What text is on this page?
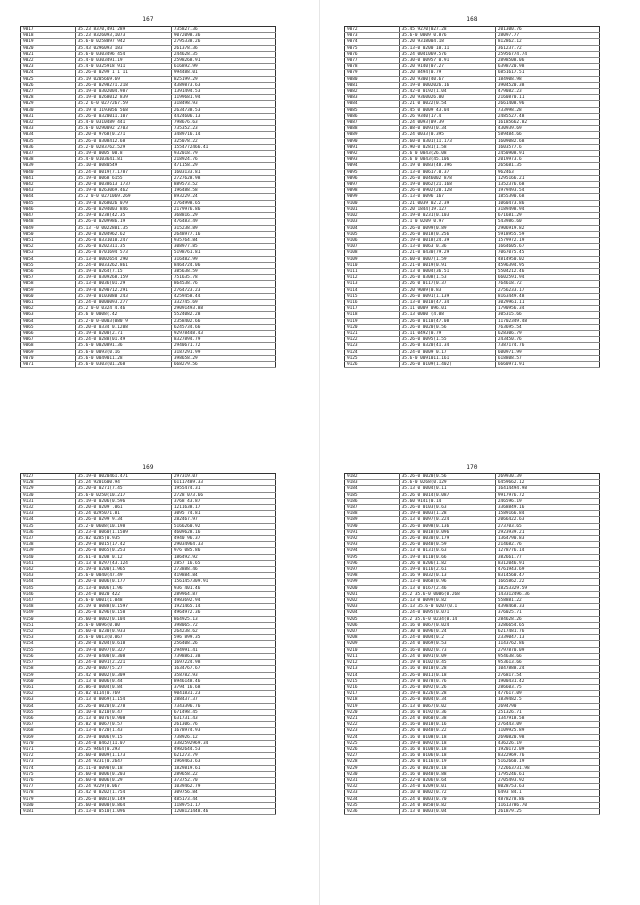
167
9017	35.23 8370,491 289	735827.36
9018	35.23 8326093,1073	9072098.36
9019	35.6-0 0258897 942	2795338.26
9020	35.43 0296093 183	261378.36
9021	35.6-0 0303496 454	244628.35
9022	35.4-0 0303491.19	2598268.91
9023	35.4-0 0325918 911	616892.99
9024	35.26-0 0299 1 1 11	994488.01
9025	35.19 0205669.69	825199.29
9026	35.26-0 0298271.218	4389873.63
9027	35.19-0 0302004.987	1391494.53
9028	35.19-0 0268012 839	1199681.94
9029	35.2 6-0 0277267.59	318498.93
9030	35.19 0 1193056 568	2634738.53
9031	35.26-0 0320011.107	4424606.13
9032	35.4-0 0310489 441	798676.63
9033	35.6-0 0290092 2703	735352.23
9034	35.20-0 9768(0.271	3489716.14
9035	35.26-0 0308412.68	325078.22
9036	35.2-0 0283762.529	1554772466.41
9037	35.19-0 0005 00.8	932018.79
9038	35.4-0 0103641.81	218924.76
9039	35.10-0 0080549	471158.29
9040	35.24-0 0019(7.1787	1603133.81
9041	35.19-0 0068 6155	2727628.98
9042	35.20-0 0038613 1737	889573.52
9043	35.19-0 0263069.462	196488.58
9044	35.2 0-0 0271069.269	893229.24
9045	35.19-0 0268026 079	2764998.65
9046	35.26-0 0294003 846	2179976.86
9047	35.19-0 0238(42.35	368816.29
9048	35.26-0 0209986.19	476483.49
9049	35.13 -0 0022801.35	315238.89
9050	35.20-0 0204962.62	2648977.16
9051	35.26-0 0331010.247	935764.84
9052	35.26-0 0202311.35	308977.85
9053	35.26-0 0701694 573	5198761.81
9054	35.13-0 0002654 290	316482.99
9055	35.24-0 0033262.861	8464724.06
9056	35.19-0 0264(7.15	385638.59
9057	35.19-0 0309268.159	751635.78
9058	35.13-0 0036(01.29	864538.76
9059	35.19-0 0290712.291	2764723.23
9060	35.19-0 0103080 243	4259458.44
9061	35.24-0 0000093.277	332745.69
9062	35.2 0-0 0324 4.46	29091493.88
9063	35.6 0 0008(.42	5524082.28
9064	35.2-0 0-0003(080 9	2358402.66
9065	35.20-0 0334 0.1208	6245734.66
9066	35.19-0 0200(2.71	92978448.43
9067	35.24-0 0288(01.49	8327894.79
9068	35.6-0 0020891.36	2940671.72
9069	35.6-0 0093(0.16	3187291.99
9070	35.6-0 0049011.28	398658.29
9071	35.6-0 0303(01.268	668279.56
168
9072	35.45 9270(027.28	201300.76
9073	35.6-0 0009 0.876	28097.77
9074	35.20 9318004.18	812862.12
9075	35.13-0 0200 10.11	361237.72
9076	35.24 0041069.576	25956774.74
9077	35.30-0 00957 0.91	2898508.06
9078	35.20 9140(07.27	6398720.98
9079	35.20 8494(0.79	6851617.51
9080	35.20 9300(40.67	184908.98
9081	35.19-0 0002026.16	3904520.38
9082	35.42-0 0192(1.04	479082.23
9083	35.20 9360026.00	2160870.11
9084	35.21 0 0022(0.54	2661408.96
9085	35.45 0 0009 43.04	733998.28
9086	35.26 9340(17.4	2485527.48
9087	35.24 0093(09.39	16185662.82
9088	35.08-0 0093(0.34	430939.69
9089	35.24 0033(0.395	589484.66
9090	35.60-0 0301(11.173	1609082.68
9091	35.90-0 0281(1.58	1603577.6
9092	35.6 0 0043(26.08	2450908.91
9093	35.6 0 0043(45.106	2019973.6
9094	35.19 0 0083(48.396	265681.35
9095	35.13-0 00617.0.37	962463
9096	35.26-0 0046002 878	1295166.21
9097	35.19-0 0062(21.168	1352376.68
9098	35.26-0 0902(20.128	1979493.54
9099	35.13-0 0096 167	1855390.68
9100	35.21 0039 02.2.39	1060473.86
9101	35.20 1844(19.127	3189498.94
9102	35.19-0 0231(0.103	671681.29
9103	35.1 0 0209 0.97	543986.60
9104	35.26-0 0099(0.89	2906919.82
9105	35.26-0 0018(0.256	5918955.59
9106	35.19-0 0018(24.39	1579972.19
9107	35.13-0 0063 0.36	1664605.67
9108	35.21-0 0430(79.29	7067075.45
9109	35.60-0 0007(1.59	4814950.02
9110	35.21-0 0019(0.91	4596394.95
9111	35.13 0 0004(36.51	5504212.46
9112	35.26-0 0308(1.53	6602591.94
9113	35.26 0 0117(0.37	764618.72
9114	35.20 9089(0.83	2756233.17
9115	35.26-0 0091(1.139	8163449.48
9116	35.13-0 0010(47.34	3029961.11
9117	35.11 0009 096.01	1790956.34
9118	35.13 0000 (4.08	305315.66
9119	35.26-0 0110(47.08	11702349.48
9120	35.26-0 0020(0.56	763695.54
9121	35.11 0492(0.79	628306.79
9122	35.26-0 0095(1.55	243450.76
9123	35.26-0 0320(41.34	7387174.76
9124	35.24-0 0009 0.17	600971.99
9125	35.6-0 0091011.161	618808.57
9126	35.26-0 0109(1.402)	6660971.91
169
9127	35.19-0 0020461.471	297319.07
9128	35.24 9201600.94	61117489.33
9129	35.20-0 0271(7.45	1955474.31
9130	35.6-0 0250(10.217	2728 073.66
9131	35.19-0 0206(0.596	3768 43.87
9132	35.20-0 0209 .061	1211638.17
9133	35.24 0295071.81	3095 74.81
9134	35.26-0 0299 9.34	282467.97
9135	35.2-0 0608(10.198	5166260.92
9136	35.23-0 0060(1.1589	4609628.16
9137	35.02 0285(0.935	4940 96.37
9138	35.29-0 0015(17.42	29034964.33
9139	35.26-0 0065(0.253	976 085.86
9140	35.61-0 0208 0.12	186492.92
9141	35.13 0 0297(43.124	2857 16.65
9142	35.19-0 0200(1.965	273888.46
9143	35.6-0 0040(47.49	419884.84
9144	35.20-0 0006(0.177	1561457309.91
9145	35.13-0 0006(1.96	936 401.46
9146	35.24-0 0020 422	289964.87
9147	35.6-0 0001(1.048	4983692.94
9148	35.19 0 0088(0.1597	1921465.14
9149	35.26-0 0296(0.158	4964972.36
9150	35.60-0 0002(0.104	864925.13
9151	35.6-0 0096(0.00	398065.72
9152	35.60-0 0230(0.933	264238.62
9153	35.6-0 0013(0.067	596 899.35
9154	35.28-0 0204(0.618	256408.26
9155	35.19-0 0097(0.327	294991.41
9156	35.19-0 0400(0.308	7398861.38
9157	35.24-0 0091(2.221	1697224.98
9158	35.20-0 0007(5.27	1634767.67
9159	35.42 0 0002(0.309	358782.93
9160	35.13 0 0006(0.44	8946148.46
9161	35.06-0 0004(0.84	3794 16.68
9162	35.02 0114(0.769	9041831.23
9163	35.13 0 0069(1.154	288437.37
9164	35.26-0 0020(0.278	7343396.76
9165	35.10-0 0210(0.47	671498.45
9166	35.13 0 0076(0.908	631731.43
9167	35.02 0 0067(0.57	261306.76
9168	35.13-0 0720(1.43	1678974.93
9169	35.19-0 0006(9.15	738926.12
9170	35.24-0 0462(11.07	3382592969.34
9171	35.25 9464(0.293	4982644.53
9172	35.60-0 0009(1.173	621273.79
9173	35.24 9231(0.2647	1969463.63
9174	35.11-0 0090(0.18	1829819.61
9175	35.60-0 0006(0.203	289658.22
9176	35.60-0 0006(0.29	373752.70
9177	35.24 9229(0.067	1039462.79
9178	35.42 0 0202(1.754	309756.84
9179	35.26-0 0081(0.149	485173.44
9180	35.60-0 0000(0.864	1189751.17
9181	35.13-0 0510(1.096	1208121448.46
170
9182	35.26-0 0020(0.56	269930.39
9183	35.6-0 0268(0.129	6459662.12
9184	35.13 0 0004(0.11	16414494.98
9185	35.26 0 0014(0.087	9917976.72
9186	35.60 9141(0.14	246596.19
9187	35.26-0 0103(0.63	3368849.16
9188	35.19-0 0003(1.28	1589166.84
9189	35.13 0 0097(0.224	2066422.63
9190	35.26-0 0098(0.136	273703.65
9191	35.26 0 0018(0.096	2923939.21
9192	35.26-0 0030(0.179	1364790.83
9193	35.26-0 0040(0.59	214682.76
9194	35.13 0 0131(0.63	1278776.14
9195	35.19-0 0110(0.66	382661.77
9196	35.26 0 0206(1.82	8312046.91
9197	35.19-0 0116(2.61	4761943.69
9198	35.16 9 0032(0.13	8314560.47
9199	35.13-0 0068(0.96	1665862.22
9200	35.13 0 0167(2.46	18253329.59
9201	35.2 35.6-0 0006(0.268	143312496.36
9202	35.13 0 0099(0.82	558881.22
9203	35.13 35.6-0 0207(0.1	4398468.33
9204	35.24-0 0095(0.071	376025.71
9205	35.2 35.6-0 0234(0.14	284628.26
9206	35.16 0 0067(0.024	3286654.65
9207	35.30 0 0096(0.24	6217481.76
9208	35.24-0 0004(0.2	2339047.13
9209	35.24 0 0069(0.53	1143762.86
9210	35.16-0 0002(0.73	2797870.09
9211	35.24 0 0091(0.09	954638.66
9212	35.19 0 0102(0.45	953613.66
9213	35.16 0 0010(0.28	1047888.24
9214	35.26-0 0011(0.18	276817.54
9215	35.19 0 0078(0.76	1900431.42
9216	35.26-0 0092(0.26	286603.75
9217	35.19-0 0226(0.28	477617.09
9218	35.26-0 0004(0.34	1839482.5
9219	35.13 0 0067(0.02	2694790
9220	35.16 0 0192(0.36	251326.71
9221	35.24 0 0060(0.38	1347918.58
9222	35.16-0 0010(0.16	276443.09
9223	35.26 0 0040(0.22	1109925.89
9224	35.16 0 0108(0.18	2690820.98
9225	35.19-0 0092(0.18	436226.19
9226	35.16 0 0100(0.18	1920172.09
9227	35.16 0 0106(0.18	8322969.76
9228	35.26 0 0116(0.19	5162660.19
9229	35.26 0 0020(0.18	722663731.98
9230	35.16 0 0040(0.88	1795246.61
9231	35.22-0 0206(0.64	2705493.92
9232	35.24-0 0209(0.01	8028753.63
9233	35.10 0 0002(0.72	6493 84.1
9234	35.24 0 0003(0.70	4878278.86
9235	35.24 0 0050(0.82	11613786.70
9236	35.13 0 0003(0.04	261879.25
